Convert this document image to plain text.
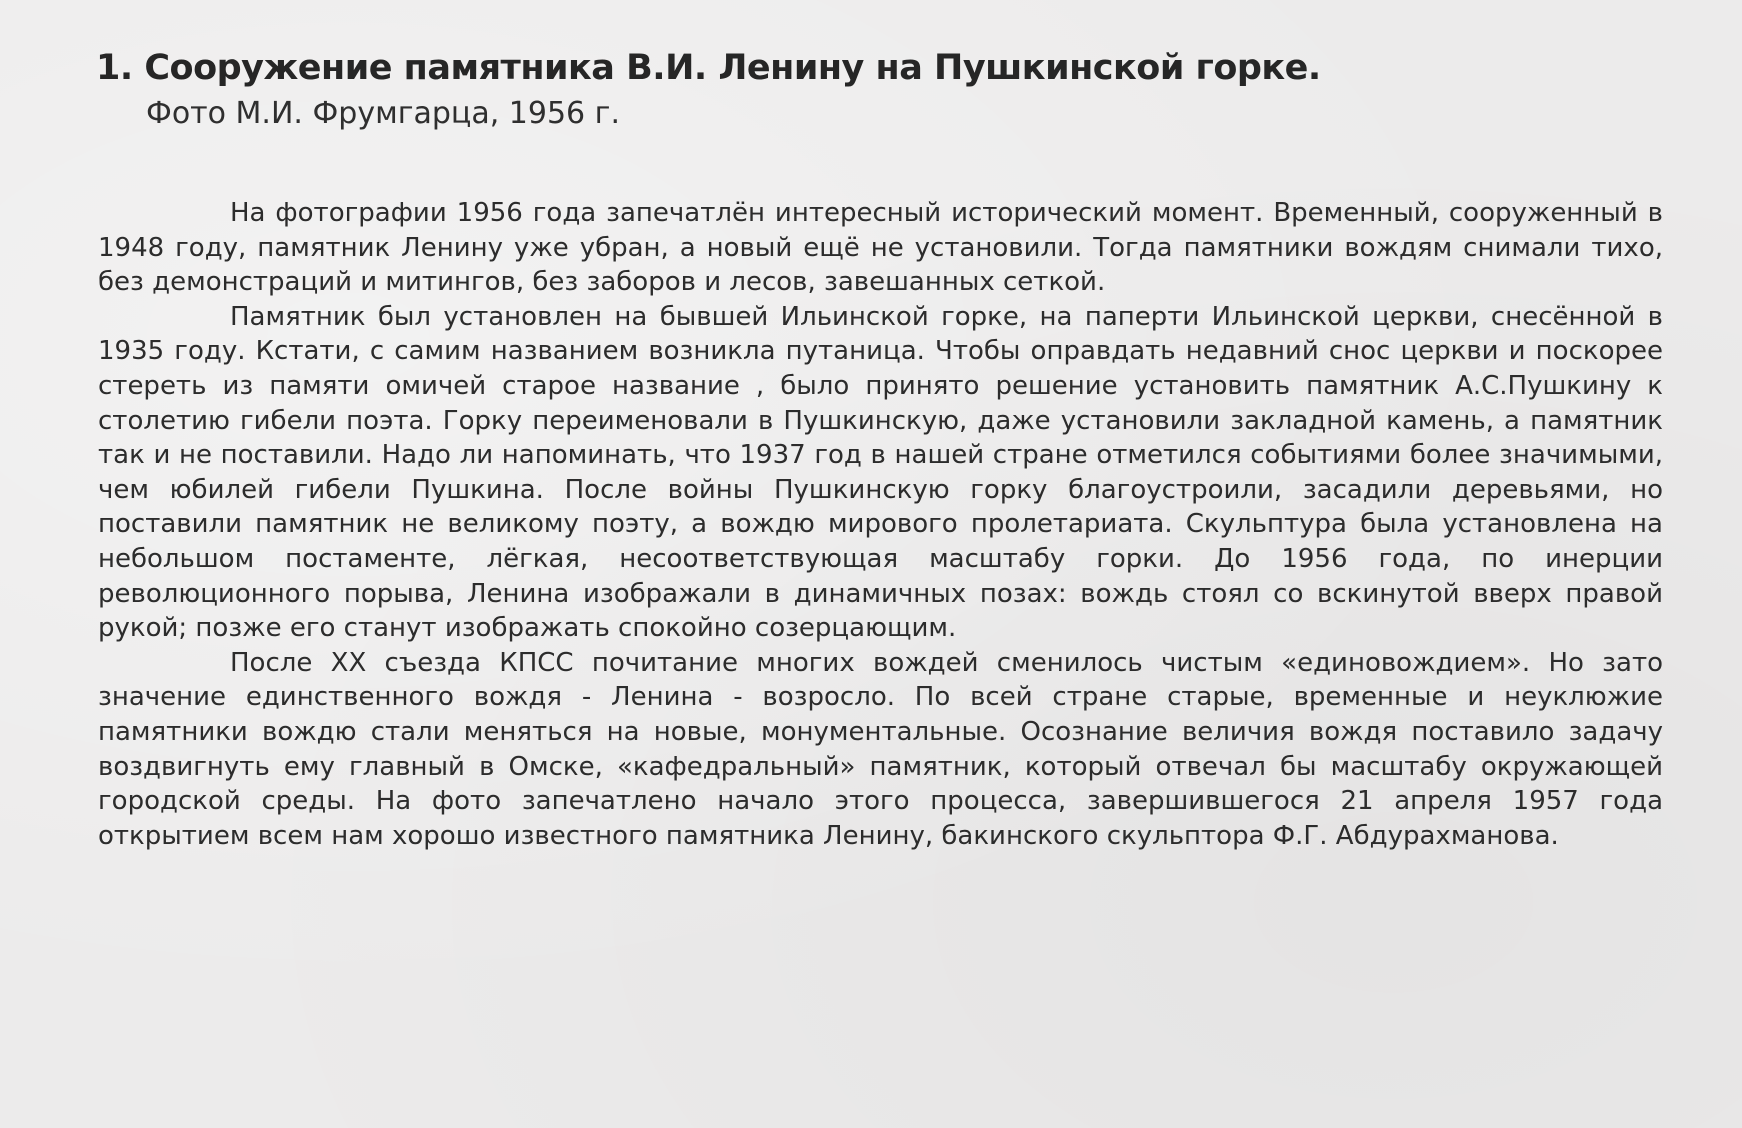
1. Сооружение памятника В.И. Ленину на Пушкинской горке.
Фото М.И. Фрумгарца, 1956 г.

На фотографии 1956 года запечатлён интересный исторический момент. Временный, сооруженный в 1948 году, памятник Ленину уже убран, а новый ещё не установили. Тогда памятники вождям снимали тихо, без демонстраций и митингов, без заборов и лесов, завешанных сеткой.

Памятник был установлен на бывшей Ильинской горке, на паперти Ильинской церкви, снесённой в 1935 году. Кстати, с самим названием возникла путаница. Чтобы оправдать недавний снос церкви и поскорее стереть из памяти омичей старое название , было принято решение установить памятник А.С.Пушкину к столетию гибели поэта. Горку переименовали в Пушкинскую, даже установили закладной камень, а памятник так и не поставили. Надо ли напоминать, что 1937 год в нашей стране отметился событиями более значимыми, чем юбилей гибели Пушкина. После войны Пушкинскую горку благоустроили, засадили деревьями, но поставили памятник не великому поэту, а вождю мирового пролетариата. Скульптура была установлена на небольшом постаменте, лёгкая, несоответствующая масштабу горки. До 1956 года, по инерции революционного порыва, Ленина изображали в динамичных позах: вождь стоял со вскинутой вверх правой рукой; позже его станут изображать спокойно созерцающим.

После XX съезда КПСС почитание многих вождей сменилось чистым «единовождием». Но зато значение единственного вождя - Ленина - возросло. По всей стране старые, временные и неуклюжие памятники вождю стали меняться на новые, монументальные. Осознание величия вождя поставило задачу воздвигнуть ему главный в Омске, «кафедральный» памятник, который отвечал бы масштабу окружающей городской среды. На фото запечатлено начало этого процесса, завершившегося 21 апреля 1957 года открытием всем нам хорошо известного памятника Ленину, бакинского скульптора Ф.Г. Абдурахманова.
